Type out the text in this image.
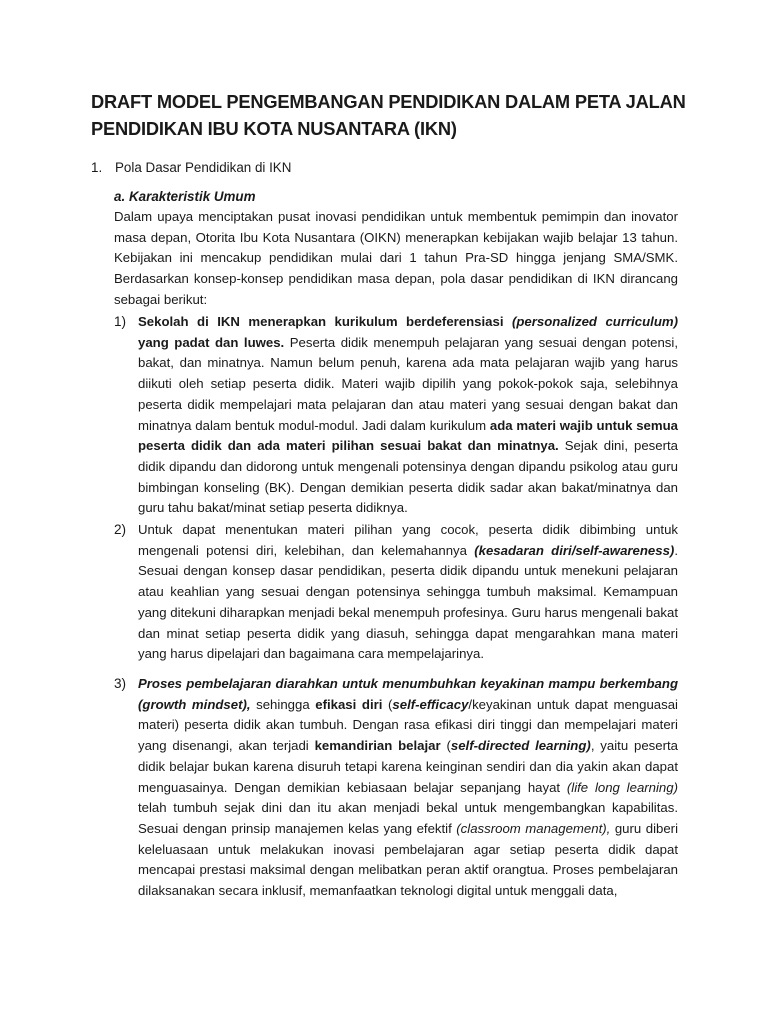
DRAFT MODEL PENGEMBANGAN PENDIDIKAN DALAM PETA JALAN PENDIDIKAN IBU KOTA NUSANTARA (IKN)
1. Pola Dasar Pendidikan di IKN
a. Karakteristik Umum

Dalam upaya menciptakan pusat inovasi pendidikan untuk membentuk pemimpin dan inovator masa depan, Otorita Ibu Kota Nusantara (OIKN) menerapkan kebijakan wajib belajar 13 tahun. Kebijakan ini mencakup pendidikan mulai dari 1 tahun Pra-SD hingga jenjang SMA/SMK. Berdasarkan konsep-konsep pendidikan masa depan, pola dasar pendidikan di IKN dirancang sebagai berikut:

1) Sekolah di IKN menerapkan kurikulum berdeferensiasi (personalized curriculum) yang padat dan luwes. Peserta didik menempuh pelajaran yang sesuai dengan potensi, bakat, dan minatnya. Namun belum penuh, karena ada mata pelajaran wajib yang harus diikuti oleh setiap peserta didik. Materi wajib dipilih yang pokok-pokok saja, selebihnya peserta didik mempelajari mata pelajaran dan atau materi yang sesuai dengan bakat dan minatnya dalam bentuk modul-modul. Jadi dalam kurikulum ada materi wajib untuk semua peserta didik dan ada materi pilihan sesuai bakat dan minatnya. Sejak dini, peserta didik dipandu dan didorong untuk mengenali potensinya dengan dipandu psikolog atau guru bimbingan konseling (BK). Dengan demikian peserta didik sadar akan bakat/minatnya dan guru tahu bakat/minat setiap peserta didiknya.

2) Untuk dapat menentukan materi pilihan yang cocok, peserta didik dibimbing untuk mengenali potensi diri, kelebihan, dan kelemahannya (kesadaran diri/self-awareness). Sesuai dengan konsep dasar pendidikan, peserta didik dipandu untuk menekuni pelajaran atau keahlian yang sesuai dengan potensinya sehingga tumbuh maksimal. Kemampuan yang ditekuni diharapkan menjadi bekal menempuh profesinya. Guru harus mengenali bakat dan minat setiap peserta didik yang diasuh, sehingga dapat mengarahkan mana materi yang harus dipelajari dan bagaimana cara mempelajarinya.

3) Proses pembelajaran diarahkan untuk menumbuhkan keyakinan mampu berkembang (growth mindset), sehingga efikasi diri (self-efficacy/keyakinan untuk dapat menguasai materi) peserta didik akan tumbuh. Dengan rasa efikasi diri tinggi dan mempelajari materi yang disenangi, akan terjadi kemandirian belajar (self-directed learning), yaitu peserta didik belajar bukan karena disuruh tetapi karena keinginan sendiri dan dia yakin akan dapat menguasainya. Dengan demikian kebiasaan belajar sepanjang hayat (life long learning) telah tumbuh sejak dini dan itu akan menjadi bekal untuk mengembangkan kapabilitas. Sesuai dengan prinsip manajemen kelas yang efektif (classroom management), guru diberi keleluasaan untuk melakukan inovasi pembelajaran agar setiap peserta didik dapat mencapai prestasi maksimal dengan melibatkan peran aktif orangtua. Proses pembelajaran dilaksanakan secara inklusif, memanfaatkan teknologi digital untuk menggali data,
